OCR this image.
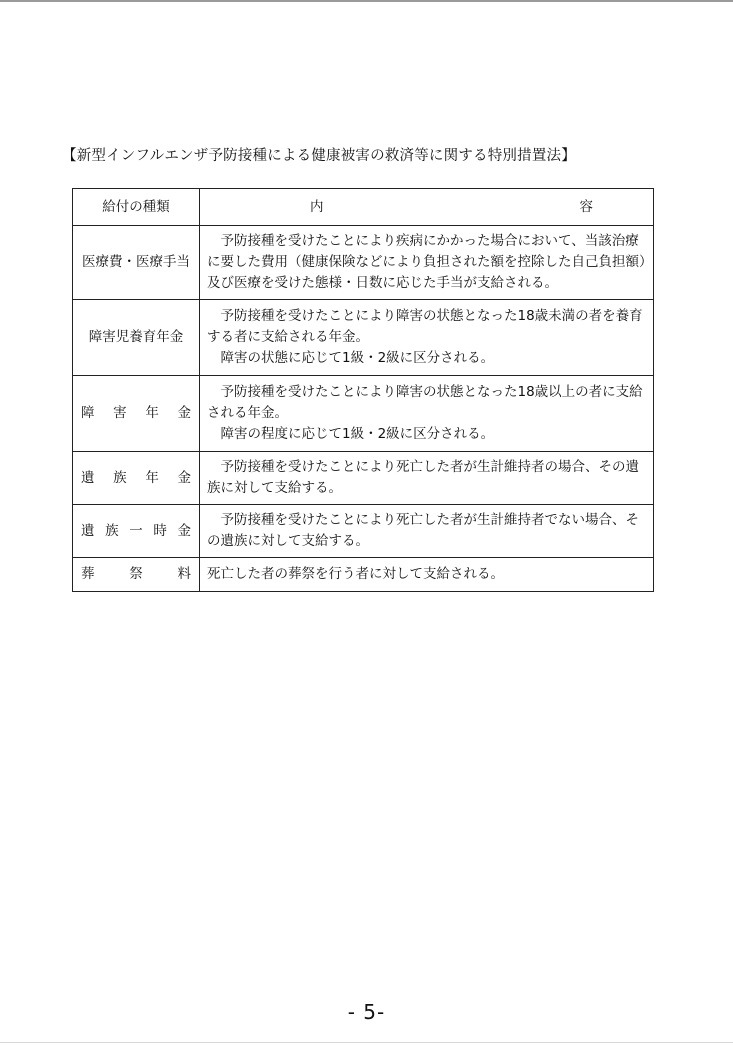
【新型インフルエンザ予防接種による健康被害の救済等に関する特別措置法】
給付の種類	内 容

医療費・医療手当	予防接種を受けたことにより疾病にかかった場合において、当該治療に要した費用（健康保険などにより負担された額を控除した自己負担額）及び医療を受けた態様・日数に応じた手当が支給される。

障害児養育年金	予防接種を受けたことにより障害の状態となった18歳未満の者を養育する者に支給される年金。

障害の状態に応じて1級・2級に区分される。

障害年金	予防接種を受けたことにより障害の状態となった18歳以上の者に支給される年金。

障害の程度に応じて1級・2級に区分される。

遺族年金	予防接種を受けたことにより死亡した者が生計維持者の場合、その遺族に対して支給する。

遺族一時金	予防接種を受けたことにより死亡した者が生計維持者でない場合、その遺族に対して支給する。

葬祭料	死亡した者の葬祭を行う者に対して支給される。

- 5-
